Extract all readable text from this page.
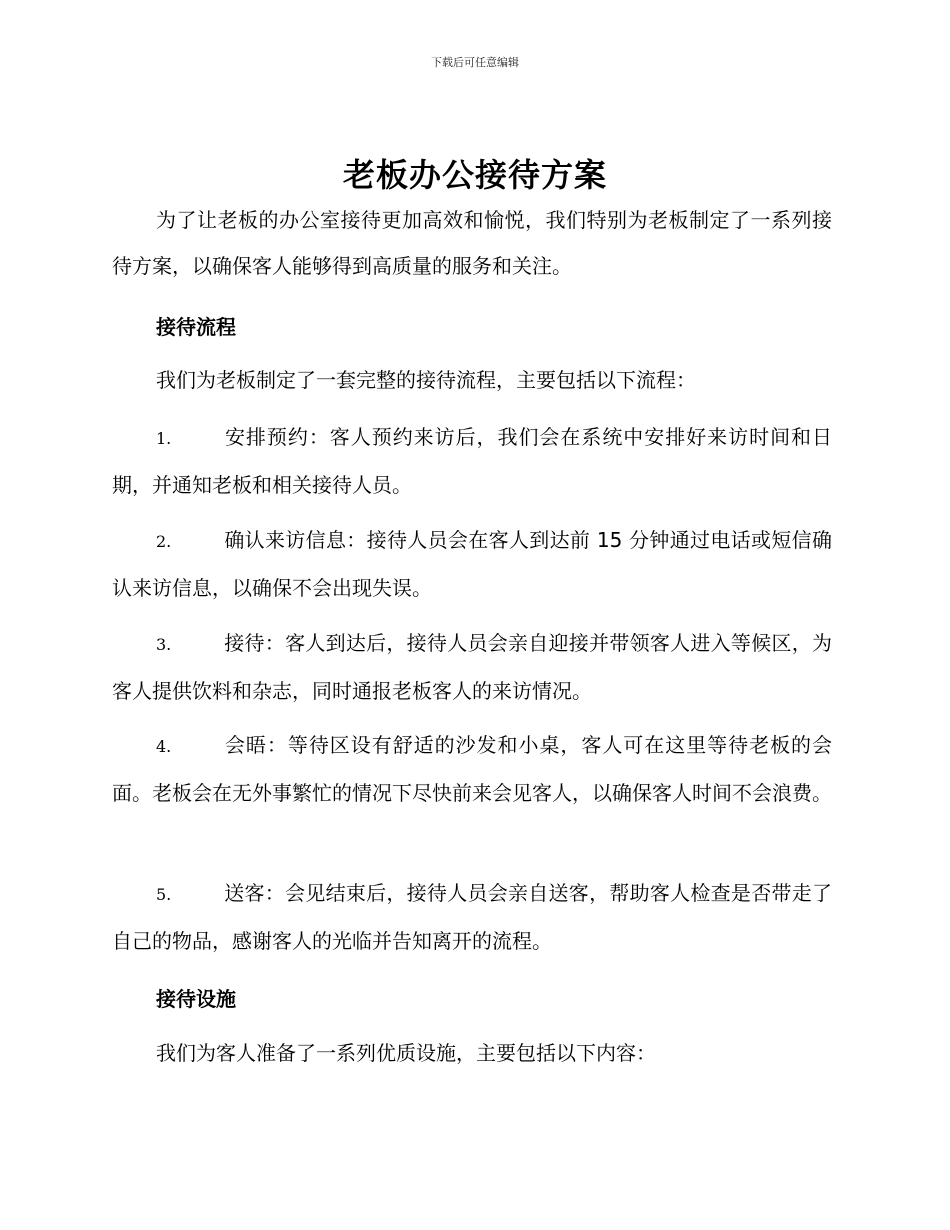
下载后可任意编辑
老板办公接待方案
为了让老板的办公室接待更加高效和愉悦，我们特别为老板制定了一系列接待方案，以确保客人能够得到高质量的服务和关注。
接待流程
我们为老板制定了一套完整的接待流程，主要包括以下流程：
1.	安排预约：客人预约来访后，我们会在系统中安排好来访时间和日期，并通知老板和相关接待人员。
2.	确认来访信息：接待人员会在客人到达前 15 分钟通过电话或短信确认来访信息，以确保不会出现失误。
3.	接待：客人到达后，接待人员会亲自迎接并带领客人进入等候区，为客人提供饮料和杂志，同时通报老板客人的来访情况。
4.	会晤：等待区设有舒适的沙发和小桌，客人可在这里等待老板的会面。老板会在无外事繁忙的情况下尽快前来会见客人，以确保客人时间不会浪费。
5.	送客：会见结束后，接待人员会亲自送客，帮助客人检查是否带走了自己的物品，感谢客人的光临并告知离开的流程。
接待设施
我们为客人准备了一系列优质设施，主要包括以下内容：
